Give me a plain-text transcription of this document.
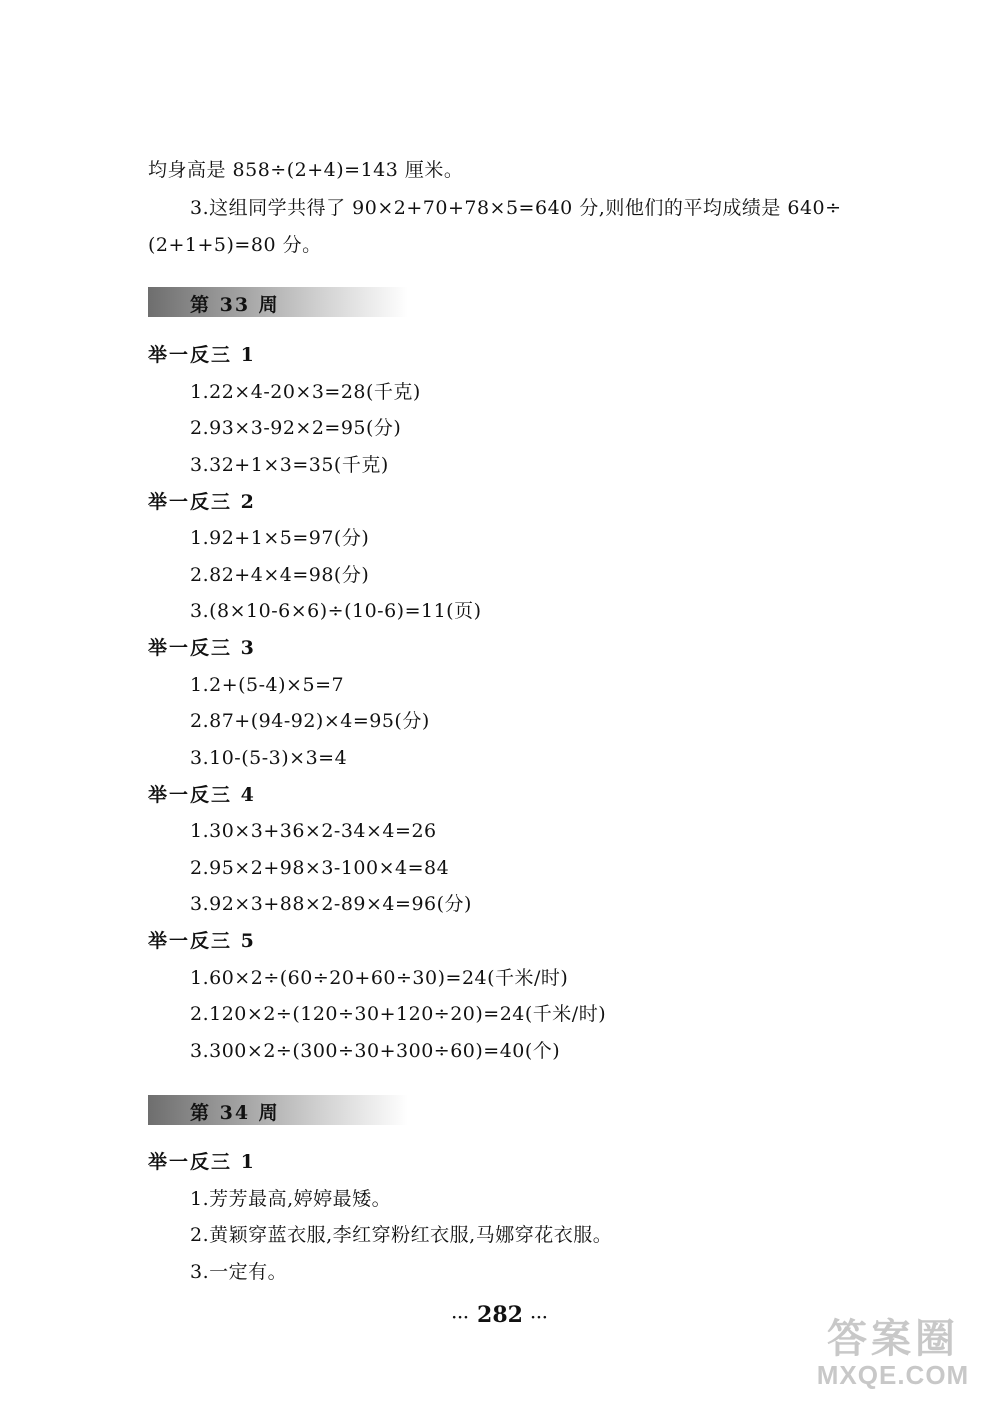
均身高是 858÷(2+4)=143 厘米。
3.这组同学共得了 90×2+70+78×5=640 分,则他们的平均成绩是 640÷
(2+1+5)=80 分。
第 33 周
举一反三 1
1.22×4-20×3=28(千克)
2.93×3-92×2=95(分)
3.32+1×3=35(千克)
举一反三 2
1.92+1×5=97(分)
2.82+4×4=98(分)
3.(8×10-6×6)÷(10-6)=11(页)
举一反三 3
1.2+(5-4)×5=7
2.87+(94-92)×4=95(分)
3.10-(5-3)×3=4
举一反三 4
1.30×3+36×2-34×4=26
2.95×2+98×3-100×4=84
3.92×3+88×2-89×4=96(分)
举一反三 5
1.60×2÷(60÷20+60÷30)=24(千米/时)
2.120×2÷(120÷30+120÷20)=24(千米/时)
3.300×2÷(300÷30+300÷60)=40(个)
第 34 周
举一反三 1
1.芳芳最高,婷婷最矮。
2.黄颖穿蓝衣服,李红穿粉红衣服,马娜穿花衣服。
3.一定有。
··· 282 ···	答案圈
MXQE.COM
